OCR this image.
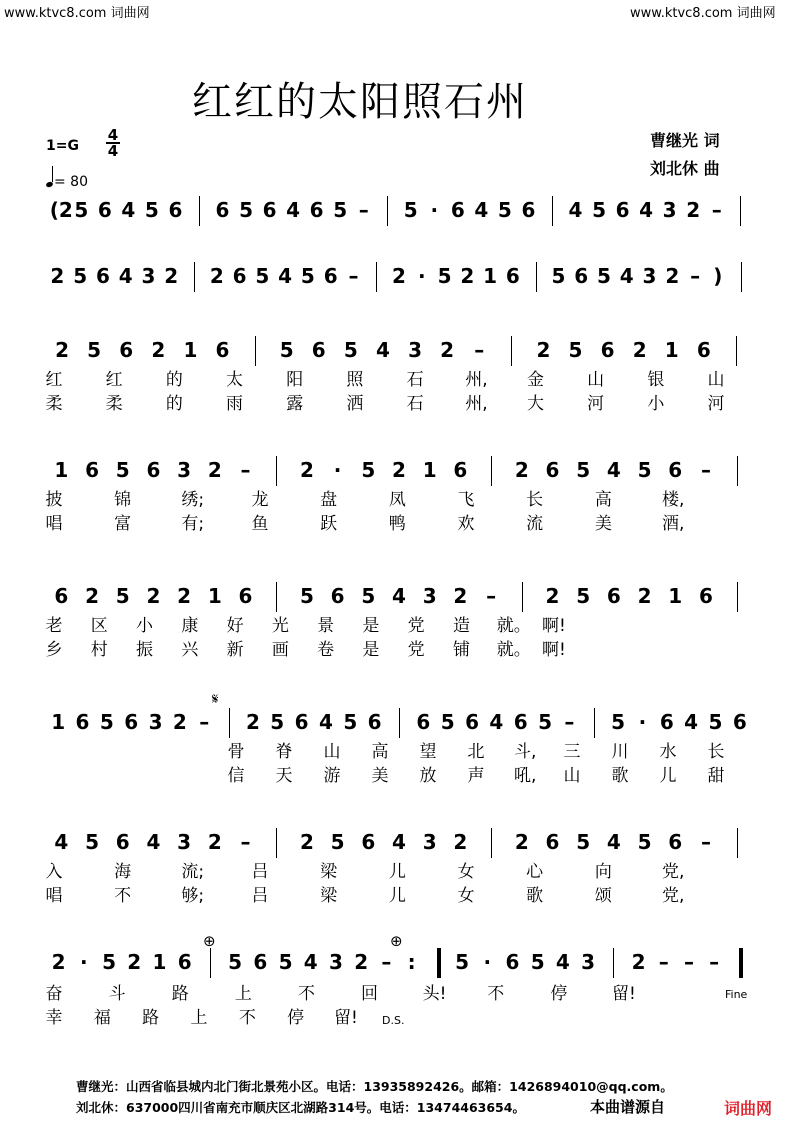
www.ktvc8.com 词曲网	www.ktvc8.com 词曲网
红红的太阳照石州
$1=G \frac{4}{4}$
= 80
曹继光 词
刘北休 曲
(2 5 6 4 5 6 6 5 6 4 6 5 – 5 · 6 4 5 6 4 5 6 4 3 2 –
2 5 6 4 3 2 2 6 5 4 5 6 – 2 · 5 2 1 6 5 6 5 4 3 2 – )
2 5 6 2 1 6	5 6 5 4 3 2 –	2 5 6 2 1 6
1 6 5 6 3 2 – 2 · 5 2 1 6 2 6 5 4 5 6 –
6 2 5 2 2 1 6 5 6 5 4 3 2 – 2 5 6 2 1 6
1 6 5 6 3 2 – 2 5 6 4 5 6 6 5 6 4 6 5 – 5 · 6 4 5 6
4 5 6 4 3 2 – 2 5 6 4 3 2 2 6 5 4 5 6 –
2 · 5 2 1 6 5 6 5 4 3 2 – : 5 · 6 5 4 3 2 – – –
红	红	的	太	阳	照	石 州, 金	山	银	山
柔	柔	的	雨	露	洒	石 州, 大	河	小	河
披	锦	绣;	龙	盘	凤	飞	长	高	楼,
唱	富	有;	鱼	跃	鸭	欢	流	美	酒,
老 区 小 康 好 光 景 是 党 造 就。 啊!
乡 村 振 兴 新 画 卷 是 党 铺 就。 啊!
骨 脊 山 高 望 北 斗, 三 川 水 长
信 天 游 美 放 声 吼, 山 歌 儿 甜
入	海	流;	吕	梁	儿	女	心	向	党,
唱	不	够;	吕	梁	儿	女	歌	颂	党,
奋	斗	路	上	不	回	头! 不	停	留!
幸 福 路 上 不 停 留!
𝄋
⊕	⊕
Fine
D.S.
曹继光：山西省临县城内北门街北景苑小区。电话：13935892426。邮箱：1426894010@qq.com。
刘北休：637000四川省南充市顺庆区北湖路314号。电话：13474463654。	本曲谱源自	词曲网
